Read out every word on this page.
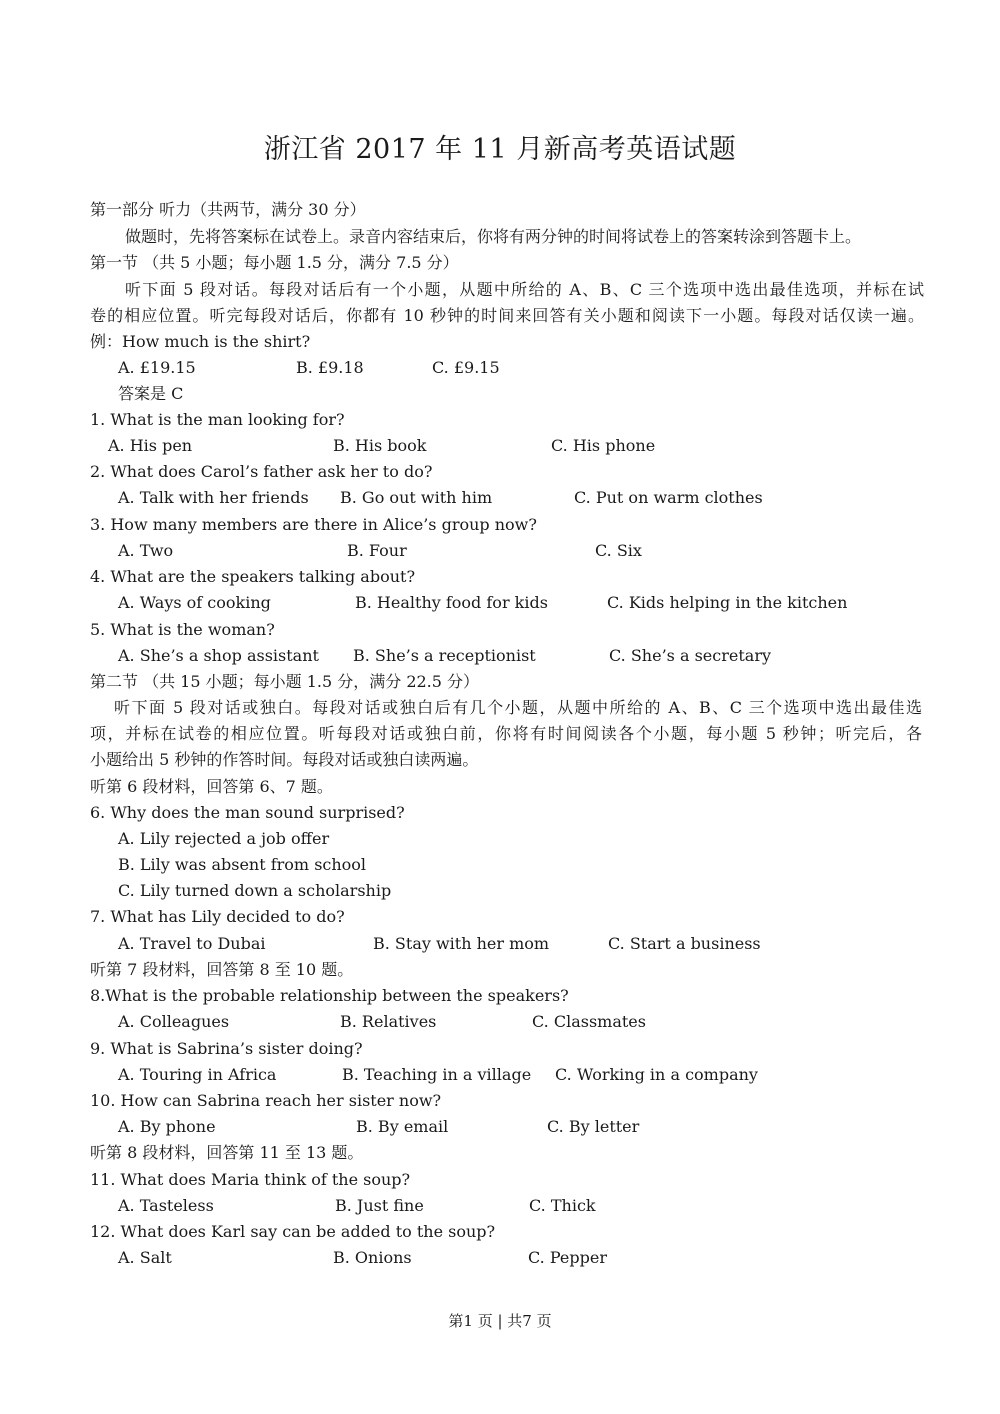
浙江省 2017 年 11 月新高考英语试题
第一部分 听力（共两节，满分 30 分）
做题时，先将答案标在试卷上。录音内容结束后，你将有两分钟的时间将试卷上的答案转涂到答题卡上。
第一节 （共 5 小题；每小题 1.5 分，满分 7.5 分）
听下面 5 段对话。每段对话后有一个小题，从题中所给的 A、B、C 三个选项中选出最佳选项，并标在试
卷的相应位置。听完每段对话后，你都有 10 秒钟的时间来回答有关小题和阅读下一小题。每段对话仅读一遍。
例：How much is the shirt?
A. £19.15	B. £9.18	C. £9.15
答案是 C
1. What is the man looking for?
A. His pen	B. His book	C. His phone
2. What does Carol’s father ask her to do?
A. Talk with her friends B. Go out with him	C. Put on warm clothes
3. How many members are there in Alice’s group now?
A. Two	B. Four	C. Six
4. What are the speakers talking about?
A. Ways of cooking	B. Healthy food for kids	C. Kids helping in the kitchen
5. What is the woman?
A. She’s a shop assistant B. She’s a receptionist	C. She’s a secretary
第二节 （共 15 小题；每小题 1.5 分，满分 22.5 分）
听下面 5 段对话或独白。每段对话或独白后有几个小题，从题中所给的 A、B、C 三个选项中选出最佳选
项，并标在试卷的相应位置。听每段对话或独白前，你将有时间阅读各个小题，每小题 5 秒钟；听完后，各
小题给出 5 秒钟的作答时间。每段对话或独白读两遍。
听第 6 段材料，回答第 6、7 题。
6. Why does the man sound surprised?
A. Lily rejected a job offer
B. Lily was absent from school
C. Lily turned down a scholarship
7. What has Lily decided to do?
A. Travel to Dubai	B. Stay with her mom	C. Start a business
听第 7 段材料，回答第 8 至 10 题。
8.What is the probable relationship between the speakers?
A. Colleagues	B. Relatives	C. Classmates
9. What is Sabrina’s sister doing?
A. Touring in Africa	B. Teaching in a village C. Working in a company
10. How can Sabrina reach her sister now?
A. By phone	B. By email	C. By letter
听第 8 段材料，回答第 11 至 13 题。
11. What does Maria think of the soup?
A. Tasteless	B. Just fine	C. Thick
12. What does Karl say can be added to the soup?
A. Salt	B. Onions	C. Pepper
第1 页 | 共7 页
